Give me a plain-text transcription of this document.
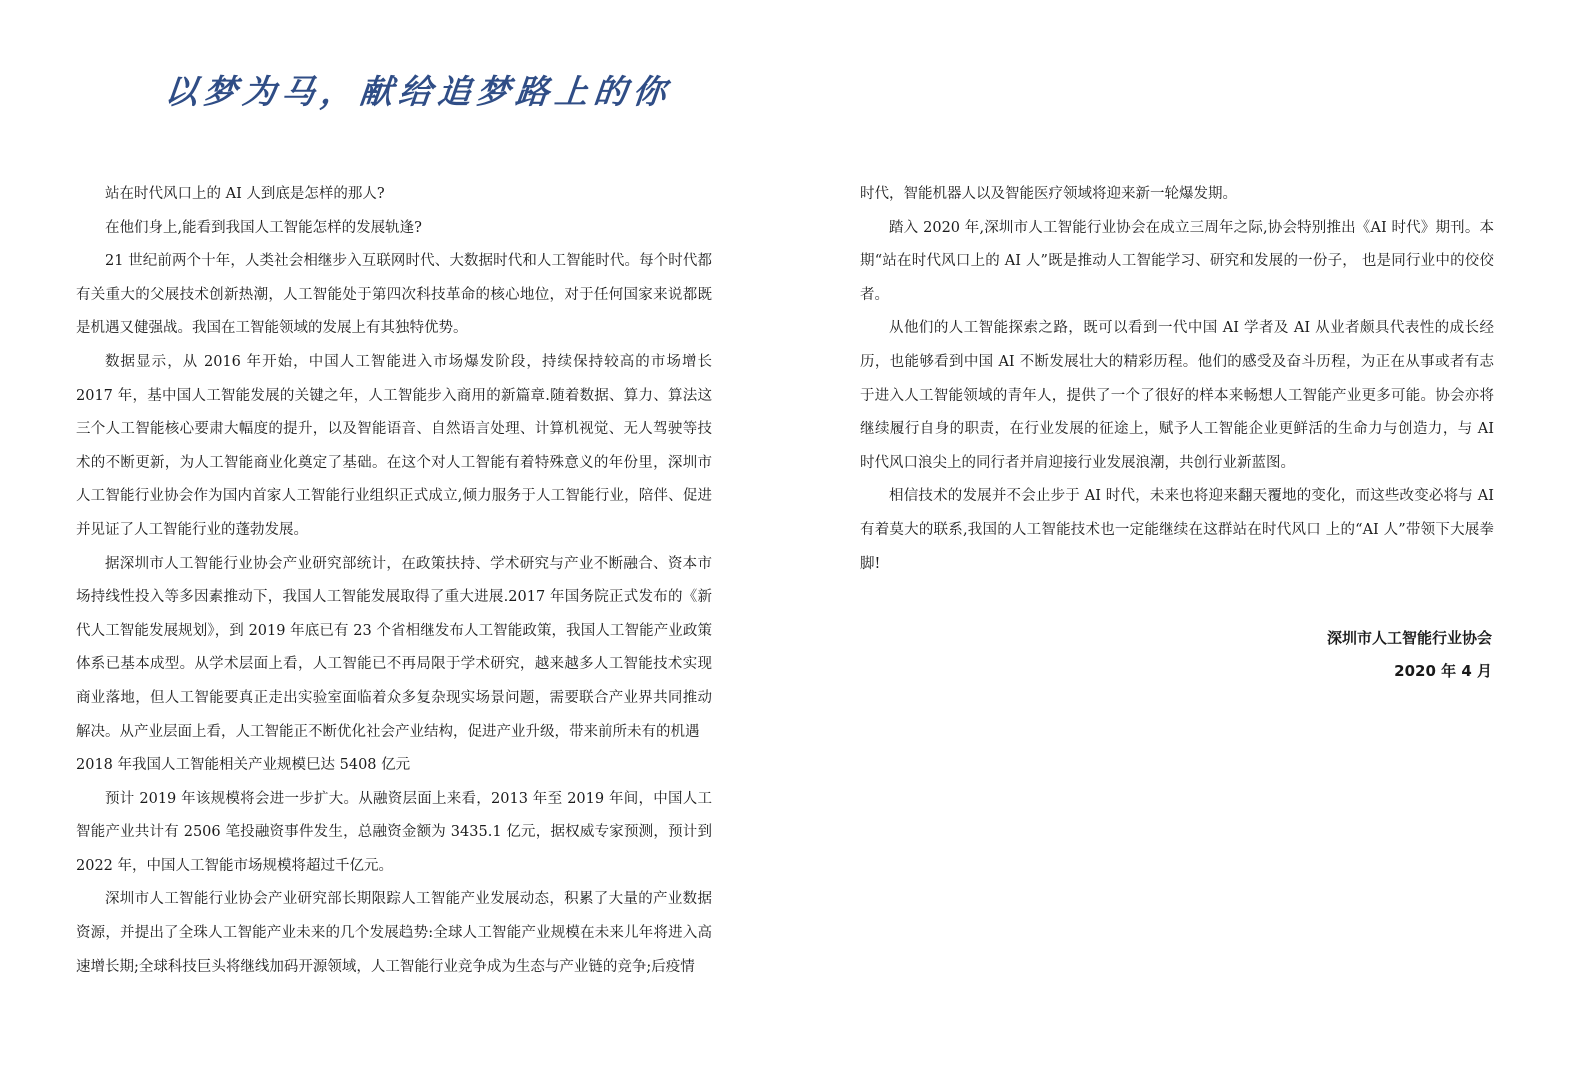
以梦为马，献给追梦路上的你

站在时代风口上的 AI 人到底是怎样的那人?

在他们身上,能看到我国人工智能怎样的发展轨逢?

21 世纪前两个十年，人类社会相继步入互联网时代、大数据时代和人工智能时代。每个时代都有关重大的父展技术创新热潮，人工智能处于第四次科技革命的核心地位，对于任何国家来说都既是机遇又健强战。我国在工智能领域的发展上有其独特优势。

数据显示，从 2016 年开始，中国人工智能进入市场爆发阶段，持续保持较高的市场增长 2017 年，基中国人工智能发展的关键之年，人工智能步入商用的新篇章.随着数据、算力、算法这三个人工智能核心要肃大幅度的提升，以及智能语音、自然语言处理、计算机视觉、无人驾驶等技术的不断更新，为人工智能商业化奠定了基础。在这个对人工智能有着特殊意义的年份里，深圳市人工智能行业协会作为国内首家人工智能行业组织正式成立,倾力服务于人工智能行业，陪伴、促进并见证了人工智能行业的蓬勃发展。

据深圳市人工智能行业协会产业研究部统计，在政策扶持、学术研究与产业不断融合、资本市场持线性投入等多因素推动下，我国人工智能发展取得了重大进展.2017 年国务院正式发布的《新代人工智能发展规划》，到 2019 年底已有 23 个省相继发布人工智能政策，我国人工智能产业政策体系已基本成型。从学术层面上看，人工智能已不再局限于学术研究，越来越多人工智能技术实现商业落地，但人工智能要真正走出实验室面临着众多复杂现实场景问题，需要联合产业界共同推动解决。从产业层面上看，人工智能正不断优化社会产业结构，促进产业升级，带来前所未有的机遇

2018 年我国人工智能相关产业规模巳达 5408 亿元

预计 2019 年该规模将会进一步扩大。从融资层面上来看，2013 年至 2019 年间，中国人工智能产业共计有 2506 笔投融资事件发生，总融资金额为 3435.1 亿元，据权威专家预测，预计到 2022 年，中国人工智能市场规模将超过千亿元。

深圳市人工智能行业协会产业研究部长期限踪人工智能产业发展动态，积累了大量的产业数据资源，并提出了全珠人工智能产业未来的几个发展趋势:全球人工智能产业规模在未来儿年将进入高速增长期;全球科技巨头将继线加码开源领域，人工智能行业竞争成为生态与产业链的竞争;后疫情

时代，智能机器人以及智能医疗领域将迎来新一轮爆发期。

踏入 2020 年,深圳市人工智能行业协会在成立三周年之际,协会特别推出《AI 时代》期刊。本期“站在时代风口上的 AI 人”既是推动人工智能学习、研究和发展的一份子， 也是同行业中的佼佼者。

从他们的人工智能探索之路，既可以看到一代中国 AI 学者及 AI 从业者颇具代表性的成长经历，也能够看到中国 AI 不断发展壮大的精彩历程。他们的感受及奋斗历程，为正在从事或者有志于进入人工智能领域的青年人，提供了一个了很好的样本来畅想人工智能产业更多可能。协会亦将继续履行自身的职责，在行业发展的征途上，赋予人工智能企业更鲜活的生命力与创造力，与 AI 时代风口浪尖上的同行者并肩迎接行业发展浪潮，共创行业新蓝图。

相信技术的发展并不会止步于 AI 时代，未来也将迎来翻天覆地的变化，而这些改变必将与 AI 有着莫大的联系,我国的人工智能技术也一定能继续在这群站在时代风口 上的“AI 人”带领下大展拳脚!

深圳市人工智能行业协会
2020 年 4 月
